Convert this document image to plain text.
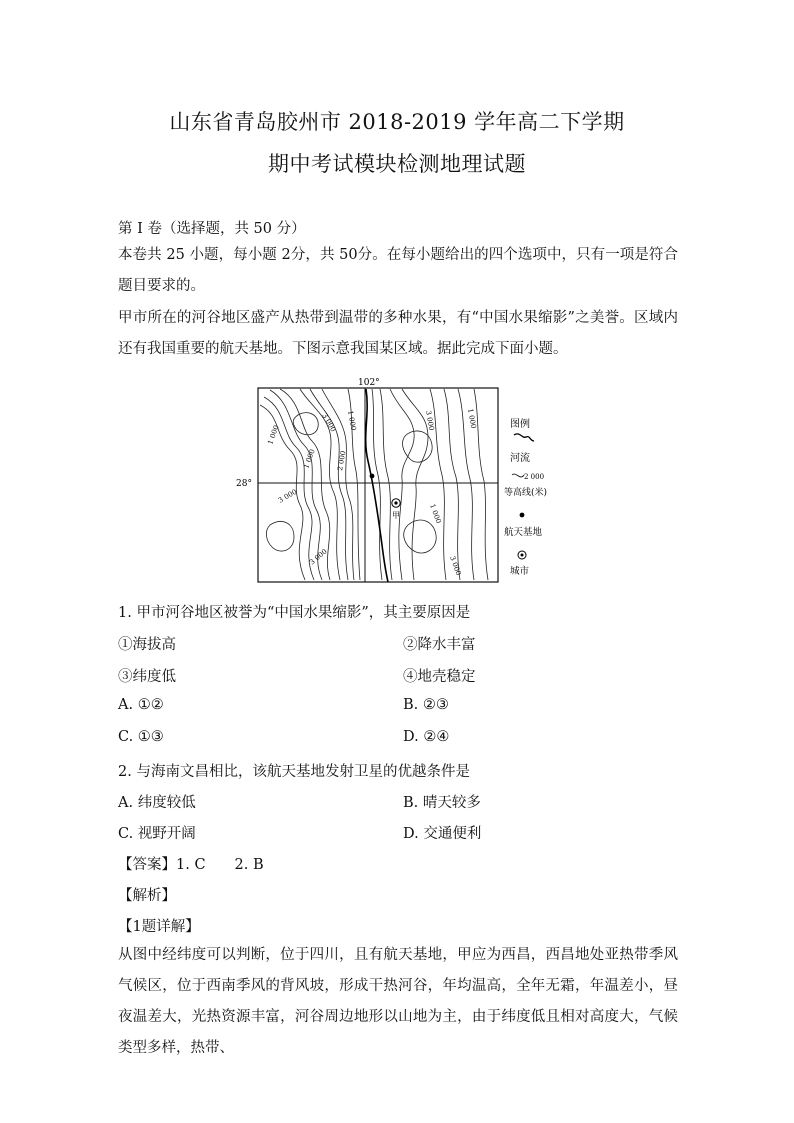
山东省青岛胶州市 2018-2019 学年高二下学期
期中考试模块检测地理试题
第 I 卷（选择题，共 50 分）
本卷共 25 小题，每小题 2分，共 50分。在每小题给出的四个选项中，只有一项是符合 题目要求的。
甲市所在的河谷地区盛产从热带到温带的多种水果，有“中国水果缩影”之美誉。区域内还有我国重要的航天基地。下图示意我国某区域。据此完成下面小题。
102°
28°
1 000
3 000 1 000	3 000	1 000
1 000	2 000
3 000
1 000
3 000	3 000
甲
图例
河流
2 000
等高线(米)
航天基地
城市
1. 甲市河谷地区被誉为“中国水果缩影”，其主要原因是
①海拔高	②降水丰富
③纬度低	④地壳稳定
A. ①②	B. ②③
C. ①③	D. ②④
2. 与海南文昌相比，该航天基地发射卫星的优越条件是
A. 纬度较低	B. 晴天较多
C. 视野开阔	D. 交通便利
【答案】1. C　　2. B
【解析】
【1题详解】
从图中经纬度可以判断，位于四川，且有航天基地，甲应为西昌，西昌地处亚热带季风气候区，位于西南季风的背风坡，形成干热河谷，年均温高，全年无霜，年温差小，昼夜温差大，光热资源丰富，河谷周边地形以山地为主，由于纬度低且相对高度大，气候类型多样，热带、
